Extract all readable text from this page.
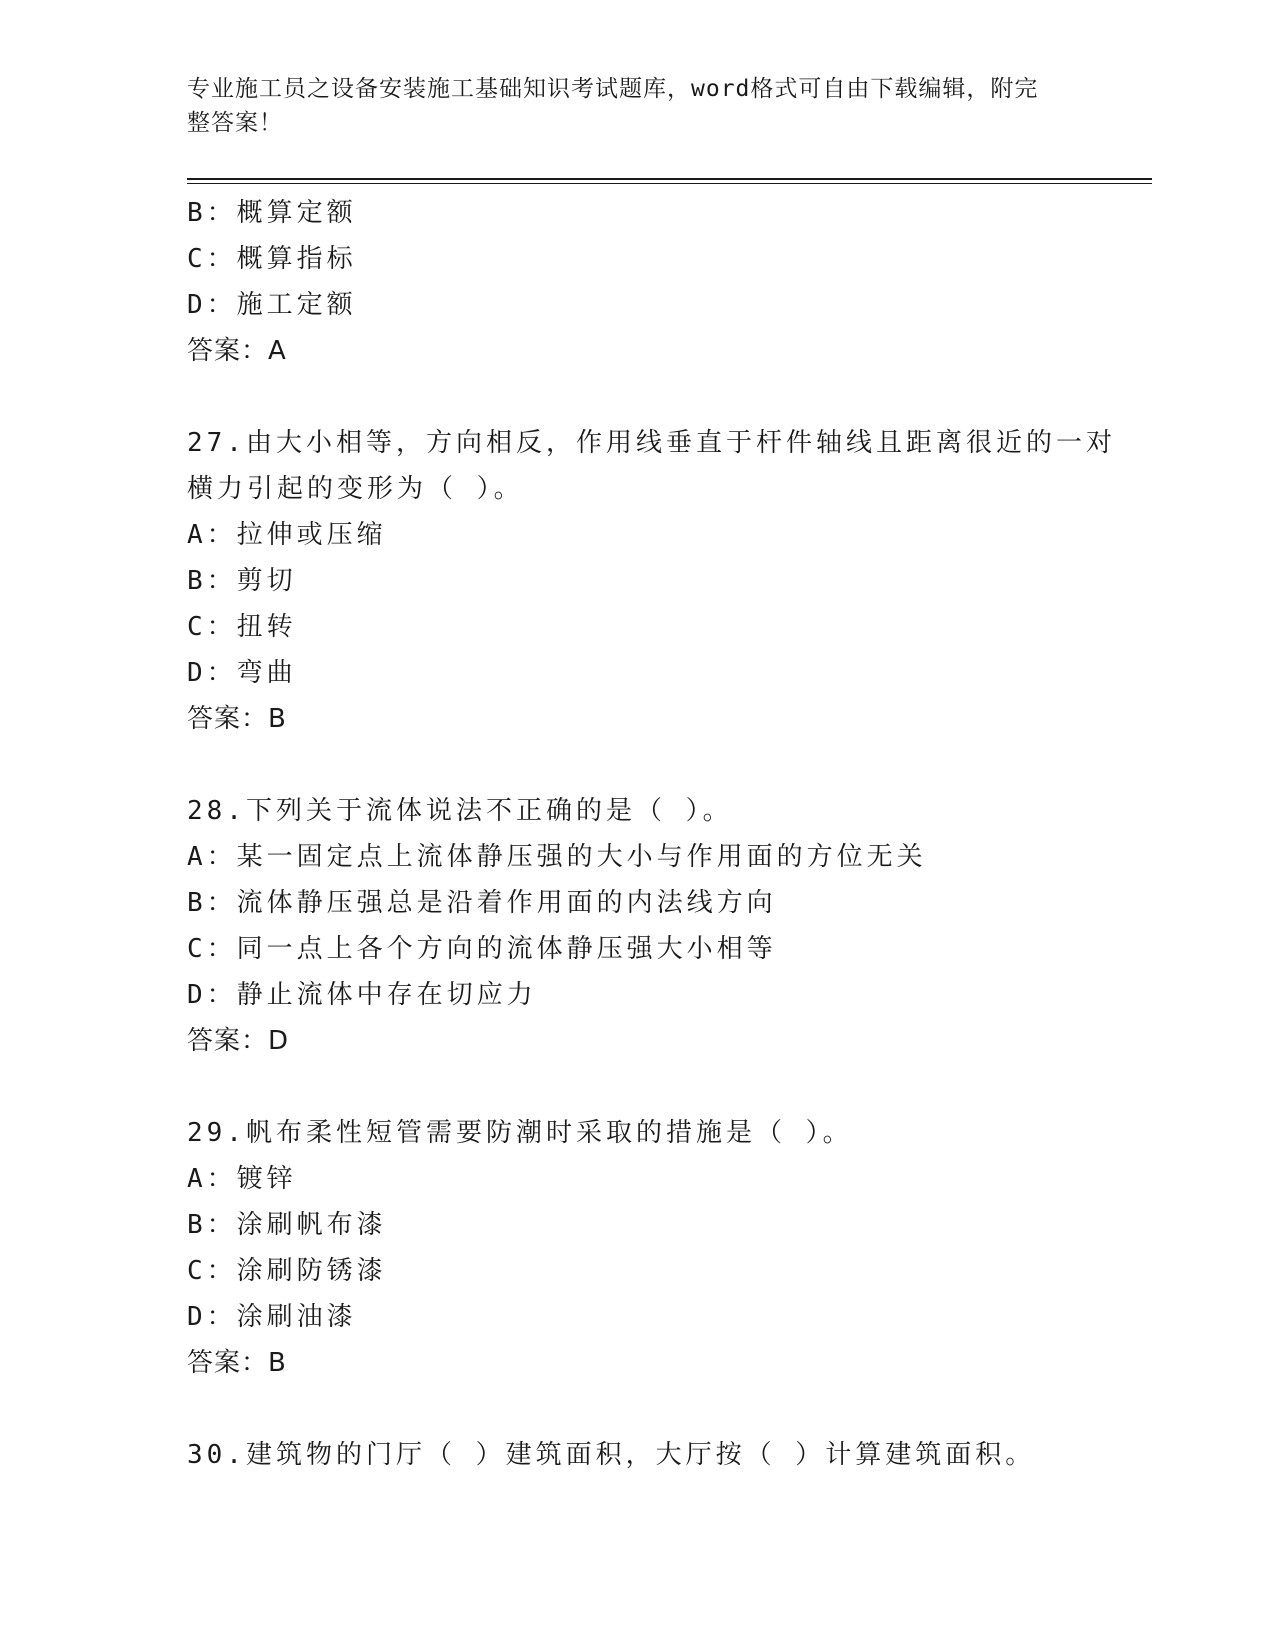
专业施工员之设备安装施工基础知识考试题库，word格式可自由下载编辑，附完
整答案！
B：概算定额
C：概算指标
D：施工定额
答案：A
27.由大小相等，方向相反，作用线垂直于杆件轴线且距离很近的一对
横力引起的变形为（ ）。
A：拉伸或压缩
B：剪切
C：扭转
D：弯曲
答案：B
28.下列关于流体说法不正确的是（ ）。
A：某一固定点上流体静压强的大小与作用面的方位无关
B：流体静压强总是沿着作用面的内法线方向
C：同一点上各个方向的流体静压强大小相等
D：静止流体中存在切应力
答案：D
29.帆布柔性短管需要防潮时采取的措施是（ ）。
A：镀锌
B：涂刷帆布漆
C：涂刷防锈漆
D：涂刷油漆
答案：B
30.建筑物的门厅（ ）建筑面积，大厅按（ ）计算建筑面积。
